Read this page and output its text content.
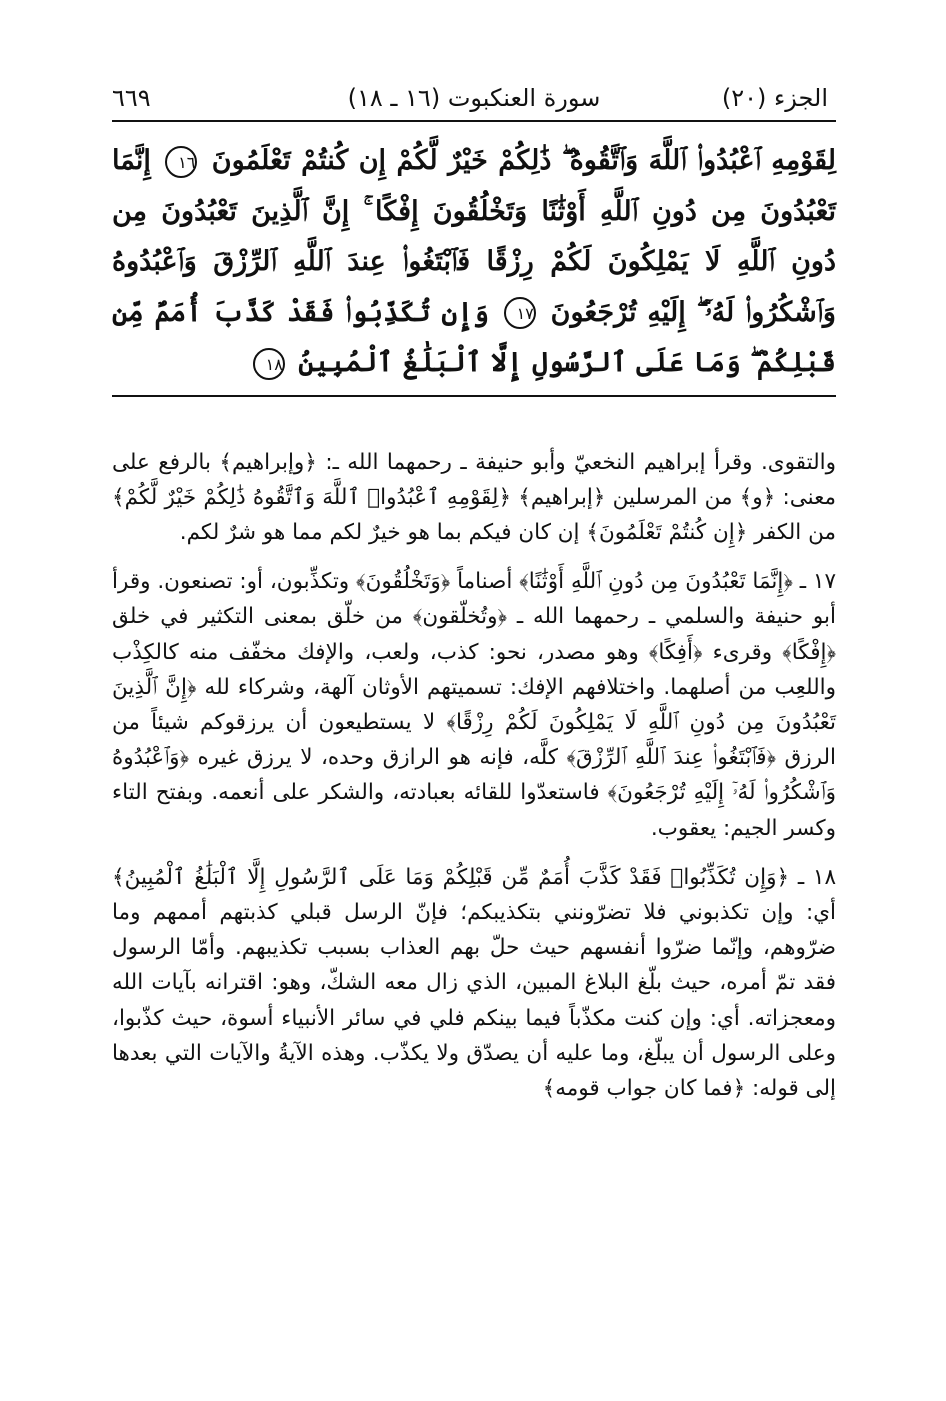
الجزء (٢٠)
سورة العنكبوت (١٦ ـ ١٨)
٦٦٩
لِقَوْمِهِ ٱعْبُدُوا۟ ٱللَّهَ وَٱتَّقُوهُ ۖ ذَٰلِكُمْ خَيْرٌ لَّكُمْ إِن كُنتُمْ تَعْلَمُونَ ١٦ إِنَّمَا تَعْبُدُونَ مِن دُونِ ٱللَّهِ أَوْثَٰنًا وَتَخْلُقُونَ إِفْكًا ۚ إِنَّ ٱلَّذِينَ تَعْبُدُونَ مِن دُونِ ٱللَّهِ لَا يَمْلِكُونَ لَكُمْ رِزْقًا فَٱبْتَغُوا۟ عِندَ ٱللَّهِ ٱلرِّزْقَ وَٱعْبُدُوهُ وَٱشْكُرُوا۟ لَهُۥٓ ۖ إِلَيْهِ تُرْجَعُونَ ١٧ وَإِن تُكَذِّبُوا۟ فَقَدْ كَذَّبَ أُمَمٌ مِّن قَبْلِكُمْ ۖ وَمَا عَلَى ٱلرَّسُولِ إِلَّا ٱلْبَلَٰغُ ٱلْمُبِينُ ١٨

والتقوى. وقرأ إبراهيم النخعيّ وأبو حنيفة ـ رحمهما الله ـ: ﴿وإبراهيم﴾ بالرفع على معنى: ﴿و﴾ من المرسلين ﴿إبراهيم﴾ ﴿لِقَوْمِهِ ٱعْبُدُوا۟ ٱللَّهَ وَٱتَّقُوهُ ذَٰلِكُمْ خَيْرٌ لَّكُمْ﴾ من الكفر ﴿إِن كُنتُمْ تَعْلَمُونَ﴾ إن كان فيكم بما هو خيرٌ لكم مما هو شرٌ لكم.

١٧ ـ ﴿إِنَّمَا تَعْبُدُونَ مِن دُونِ ٱللَّهِ أَوْثَٰنًا﴾ أصناماً ﴿وَتَخْلُقُونَ﴾ وتكذِّبون، أو: تصنعون. وقرأ أبو حنيفة والسلمي ـ رحمهما الله ـ ﴿وتُخلّقون﴾ من خلّق بمعنى التكثير في خلق ﴿إِفْكًا﴾ وقرىء ﴿أَفِكًا﴾ وهو مصدر، نحو: كذب، ولعب، والإفك مخفّف منه كالكِذْب واللعِب من أصلهما. واختلافهم الإفك: تسميتهم الأوثان آلهة، وشركاء لله ﴿إِنَّ ٱلَّذِينَ تَعْبُدُونَ مِن دُونِ ٱللَّهِ لَا يَمْلِكُونَ لَكُمْ رِزْقًا﴾ لا يستطيعون أن يرزقوكم شيئاً من الرزق ﴿فَٱبْتَغُوا۟ عِندَ ٱللَّهِ ٱلرِّزْقَ﴾ كلَّه، فإنه هو الرازق وحده، لا يرزق غيره ﴿وَٱعْبُدُوهُ وَٱشْكُرُوا۟ لَهُۥٓ إِلَيْهِ تُرْجَعُونَ﴾ فاستعدّوا للقائه بعبادته، والشكر على أنعمه. وبفتح التاء وكسر الجيم: يعقوب.

١٨ ـ ﴿وَإِن تُكَذِّبُوا۟ فَقَدْ كَذَّبَ أُمَمٌ مِّن قَبْلِكُمْ وَمَا عَلَى ٱلرَّسُولِ إِلَّا ٱلْبَلَٰغُ ٱلْمُبِينُ﴾ أي: وإن تكذبوني فلا تضرّونني بتكذيبكم؛ فإنّ الرسل قبلي كذبتهم أممهم وما ضرّوهم، وإنّما ضرّوا أنفسهم حيث حلّ بهم العذاب بسبب تكذيبهم. وأمّا الرسول فقد تمّ أمره، حيث بلّغ البلاغ المبين، الذي زال معه الشكّ، وهو: اقترانه بآيات الله ومعجزاته. أي: وإن كنت مكذّباً فيما بينكم فلي في سائر الأنبياء أسوة، حيث كذّبوا، وعلى الرسول أن يبلّغ، وما عليه أن يصدّق ولا يكذّب. وهذه الآيةُ والآيات التي بعدها إلى قوله: ﴿فما كان جواب قومه﴾
